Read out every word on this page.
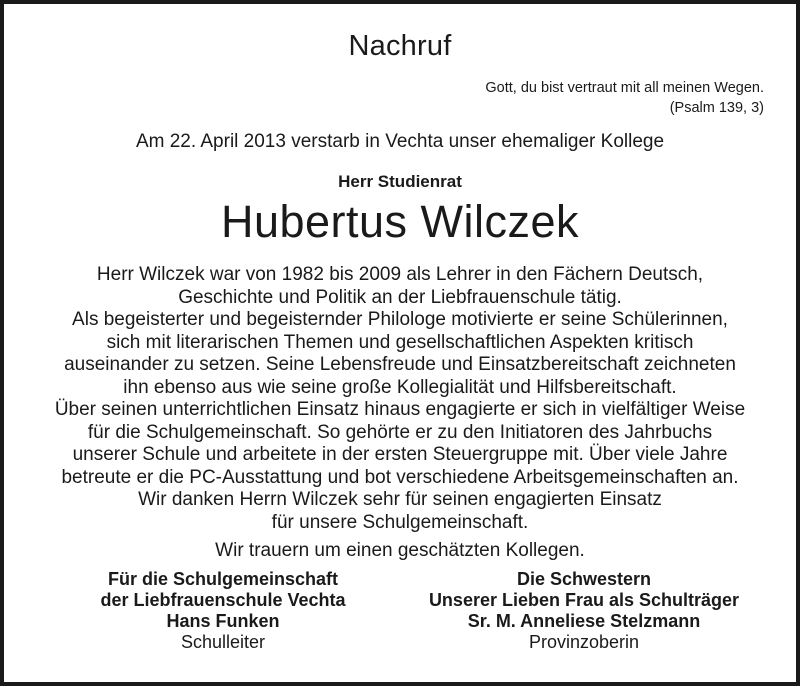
Nachruf
Gott, du bist vertraut mit all meinen Wegen.
(Psalm 139, 3)
Am 22. April 2013 verstarb in Vechta unser ehemaliger Kollege
Herr Studienrat
Hubertus Wilczek
Herr Wilczek war von 1982 bis 2009 als Lehrer in den Fächern Deutsch,
Geschichte und Politik an der Liebfrauenschule tätig.
Als begeisterter und begeisternder Philologe motivierte er seine Schülerinnen,
sich mit literarischen Themen und gesellschaftlichen Aspekten kritisch
auseinander zu setzen. Seine Lebensfreude und Einsatzbereitschaft zeichneten
ihn ebenso aus wie seine große Kollegialität und Hilfsbereitschaft.
Über seinen unterrichtlichen Einsatz hinaus engagierte er sich in vielfältiger Weise
für die Schulgemeinschaft. So gehörte er zu den Initiatoren des Jahrbuchs
unserer Schule und arbeitete in der ersten Steuergruppe mit. Über viele Jahre
betreute er die PC-Ausstattung und bot verschiedene Arbeitsgemeinschaften an.
Wir danken Herrn Wilczek sehr für seinen engagierten Einsatz
für unsere Schulgemeinschaft.
Wir trauern um einen geschätzten Kollegen.
Für die Schulgemeinschaft
der Liebfrauenschule Vechta
Hans Funken
Schulleiter
Die Schwestern
Unserer Lieben Frau als Schulträger
Sr. M. Anneliese Stelzmann
Provinzoberin
